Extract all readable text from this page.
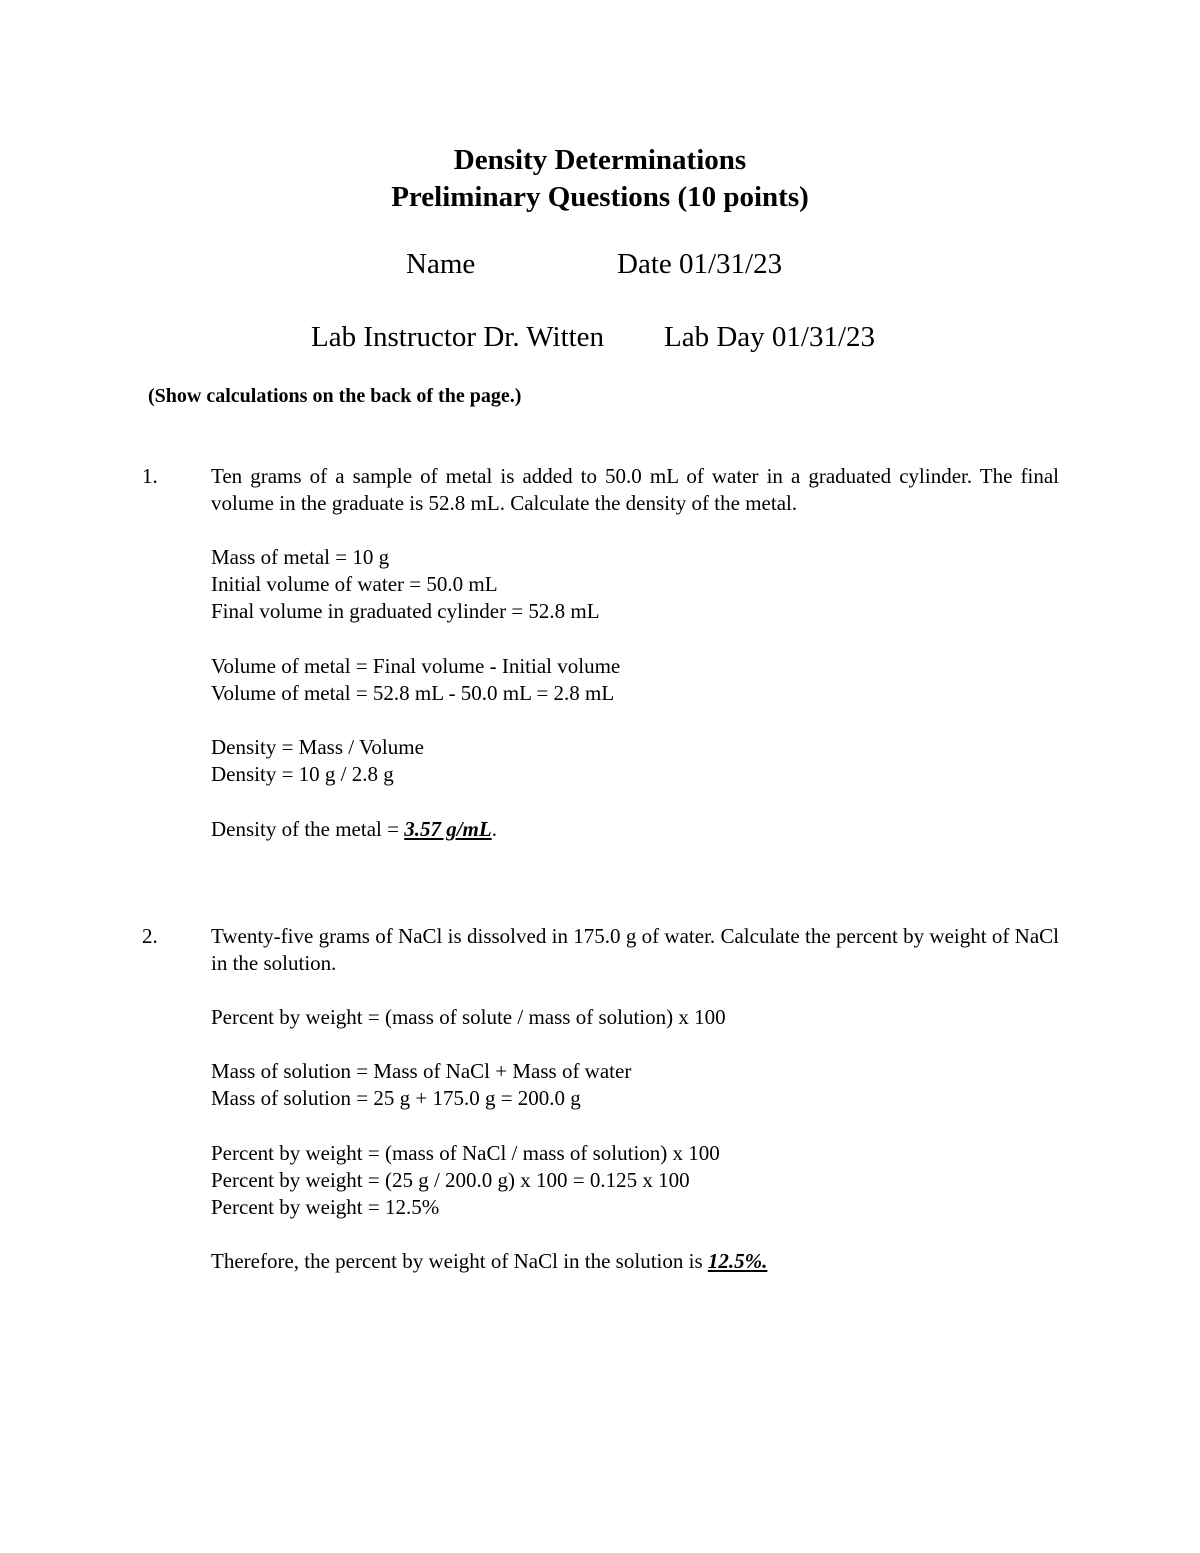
Density Determinations
Preliminary Questions (10 points)
Name	Date 01/31/23
Lab Instructor Dr. Witten Lab Day 01/31/23
(Show calculations on the back of the page.)
1.	Ten grams of a sample of metal is added to 50.0 mL of water in a graduated cylinder. The final volume in the graduate is 52.8 mL. Calculate the density of the metal.

Mass of metal = 10 g
Initial volume of water = 50.0 mL
Final volume in graduated cylinder = 52.8 mL
Volume of metal = Final volume - Initial volume
Volume of metal = 52.8 mL - 50.0 mL = 2.8 mL
Density = Mass / Volume
Density = 10 g / 2.8 g
Density of the metal = 3.57 g/mL.
2.	Twenty-five grams of NaCl is dissolved in 175.0 g of water. Calculate the percent by weight of NaCl in the solution.

Percent by weight = (mass of solute / mass of solution) x 100
Mass of solution = Mass of NaCl + Mass of water
Mass of solution = 25 g + 175.0 g = 200.0 g
Percent by weight = (mass of NaCl / mass of solution) x 100
Percent by weight = (25 g / 200.0 g) x 100 = 0.125 x 100
Percent by weight = 12.5%
Therefore, the percent by weight of NaCl in the solution is 12.5%.
